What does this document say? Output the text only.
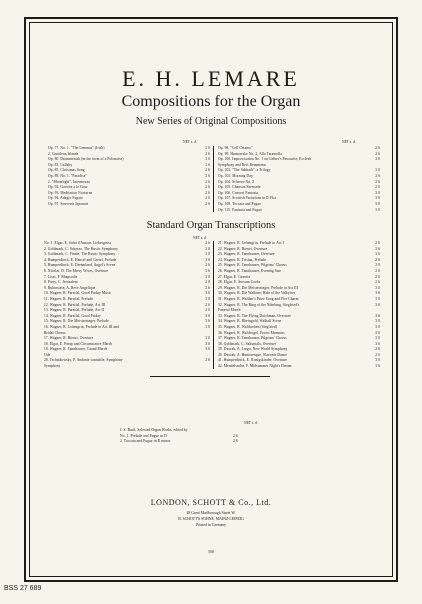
E. H. LEMARE
Compositions for the Organ
New Series of Original Compositions
NET s. d.	NET s. d.
Op. 77. No. 1. "The Lemmas" (Irish)	3 0
2. Cantilena Irlande	2 6
Op. 80. Drommenish (in the form of a Polonaise)	3 0
Op. 83. Lullaby	2 6
Op. 85. Christmas Song	2 6
Op. 89. No. 1. "Paradise"	2 6
2. "Moonlight", Intermezzo	2 6
Op. 92. Gavotte a la Cour	2 6
Op. 93. Meditation Nocturne	2 6
Op. 94. Adagio Fugato	2 6
Op. 97. Souvenir Japonais	2 6
Op. 98. "Cell Cetamo"	2 6
Op. 99. Humoreske No. 2, Alla Tarantella	2 6
Op. 100. Improvisation No. 1 on Gelber's Favourite, Ecclesh	3 0
Symphony and Reis Beaumann
Op. 102. "The Sabbath", a Trilogy	3 0
Op. 103. Morning Day	2 6
Op. 104. Scherzo No. 2	2 6
Op. 105. Chanson Serenade	2 6
Op. 106. Concert Fantasia	3 0
Op. 107. Scottish Variations in D Flat	3 0
Op. 108. Toccata and Fugue	3 0
Op. 115. Fantasia and Fugue	3 0
Standard Organ Transcriptions
NET s. d.
No. 1. Elgar, E. Salut d'Amour. Liebesgruss	2 6
2. Goldmark, C. Scherzo, The Rustic Symphony	3 0
3. Goldmark, C. Finale, The Rustic Symphony	3 0
4. Humperdinck, E. Hansel and Gretel, Prelude	3 0
5. Humperdinck, E. Dreamland, Angel's Scene	2 6
6. Nicolai, O. The Merry Wives, Overture	3 6
7. Liszt, F. Rhapsodie	3 0
8. Parry, C. Jerusalem	2 0
9. Rubinstein, A. Reve Angelique	2 6
10. Wagner, R. Parsifal, Good Friday Music	3 0
11. Wagner, R. Parsifal, Prelude	3 0
12. Wagner, R. Parsifal, Prelude, Act III	2 6
13. Wagner, R. Parsifal, Prelude, Act II	2 6
14. Wagner, R. Parsifal, Good Friday	3 0
15. Wagner, R. Die Meistersinger, Prelude	3 6
16. Wagner, R. Lohengrin, Prelude to Act III and	3 0
Bridal Chorus
17. Wagner, R. Rienzi, Overture	3 0
18. Elgar, E. Pomp and Circumstance March	3 0
19. Wagner, R. Tannhauser, Grand March	3 0
Ode
20. Tschaikowsky, P. Andante cantabile, Symphony	2 6
Symphony
21. Wagner, R. Lohengrin, Prelude to Act I	2 6
22. Wagner, R. Rienzi, Overture	3 6
23. Wagner, R. Tannhauser, Overture	3 6
24. Wagner, R. Tristan, Prelude	2 6
25. Wagner, R. Tannhauser, Pilgrims' Chorus	2 0
26. Wagner, R. Tannhauser, Evening Star	2 6
27. Elgar, E. Gavotte	2 0
28. Elgar, E. Sursum Corda	2 6
29. Wagner, R. Die Meistersinger, Prelude to Act III	3 0
30. Wagner, R. Die Walkure, Ride of the Valkyries	3 6
31. Wagner, R. Walther's Prize Song and Fire Charm	3 0
32. Wagner, R. The Ring of the Nibelung, Siegfried's	3 0
Funeral March
33. Wagner, R. The Flying Dutchman, Overture	3 6
34. Wagner, R. Rheingold, Walhall Scene	3 0
35. Wagner, R. Waldweben (Siegfried)	3 0
36. Wagner, R. Waldvogel, Forest Murmurs	3 0
37. Wagner, R. Tannhauser, Pilgrims' Chorus	3 0
38. Goldmark, C. Sakuntala, Overture	3 6
39. Dvorak, A. Largo, New World Symphony	2 6
40. Dvorak, A. Humoresque, Slavonic Dance	2 6
41. Humperdinck, E. Konigskinder, Overture	3 0
42. Mendelssohn, F. Midsummer Night's Dream	3 6
NET s. d.
J. S. Bach, Selected Organ Works, edited by
No. 1. Prelude and Fugue in D	2 6
2. Toccata and Fugue in D minor	2 6
LONDON, SCHOTT & Co., Ltd.
48 Great Marlborough Street W.
B. SCHOTT'S SOHNE, MAINZ-LEIPZIG
Printed in Germany
500
BSS 27 689
